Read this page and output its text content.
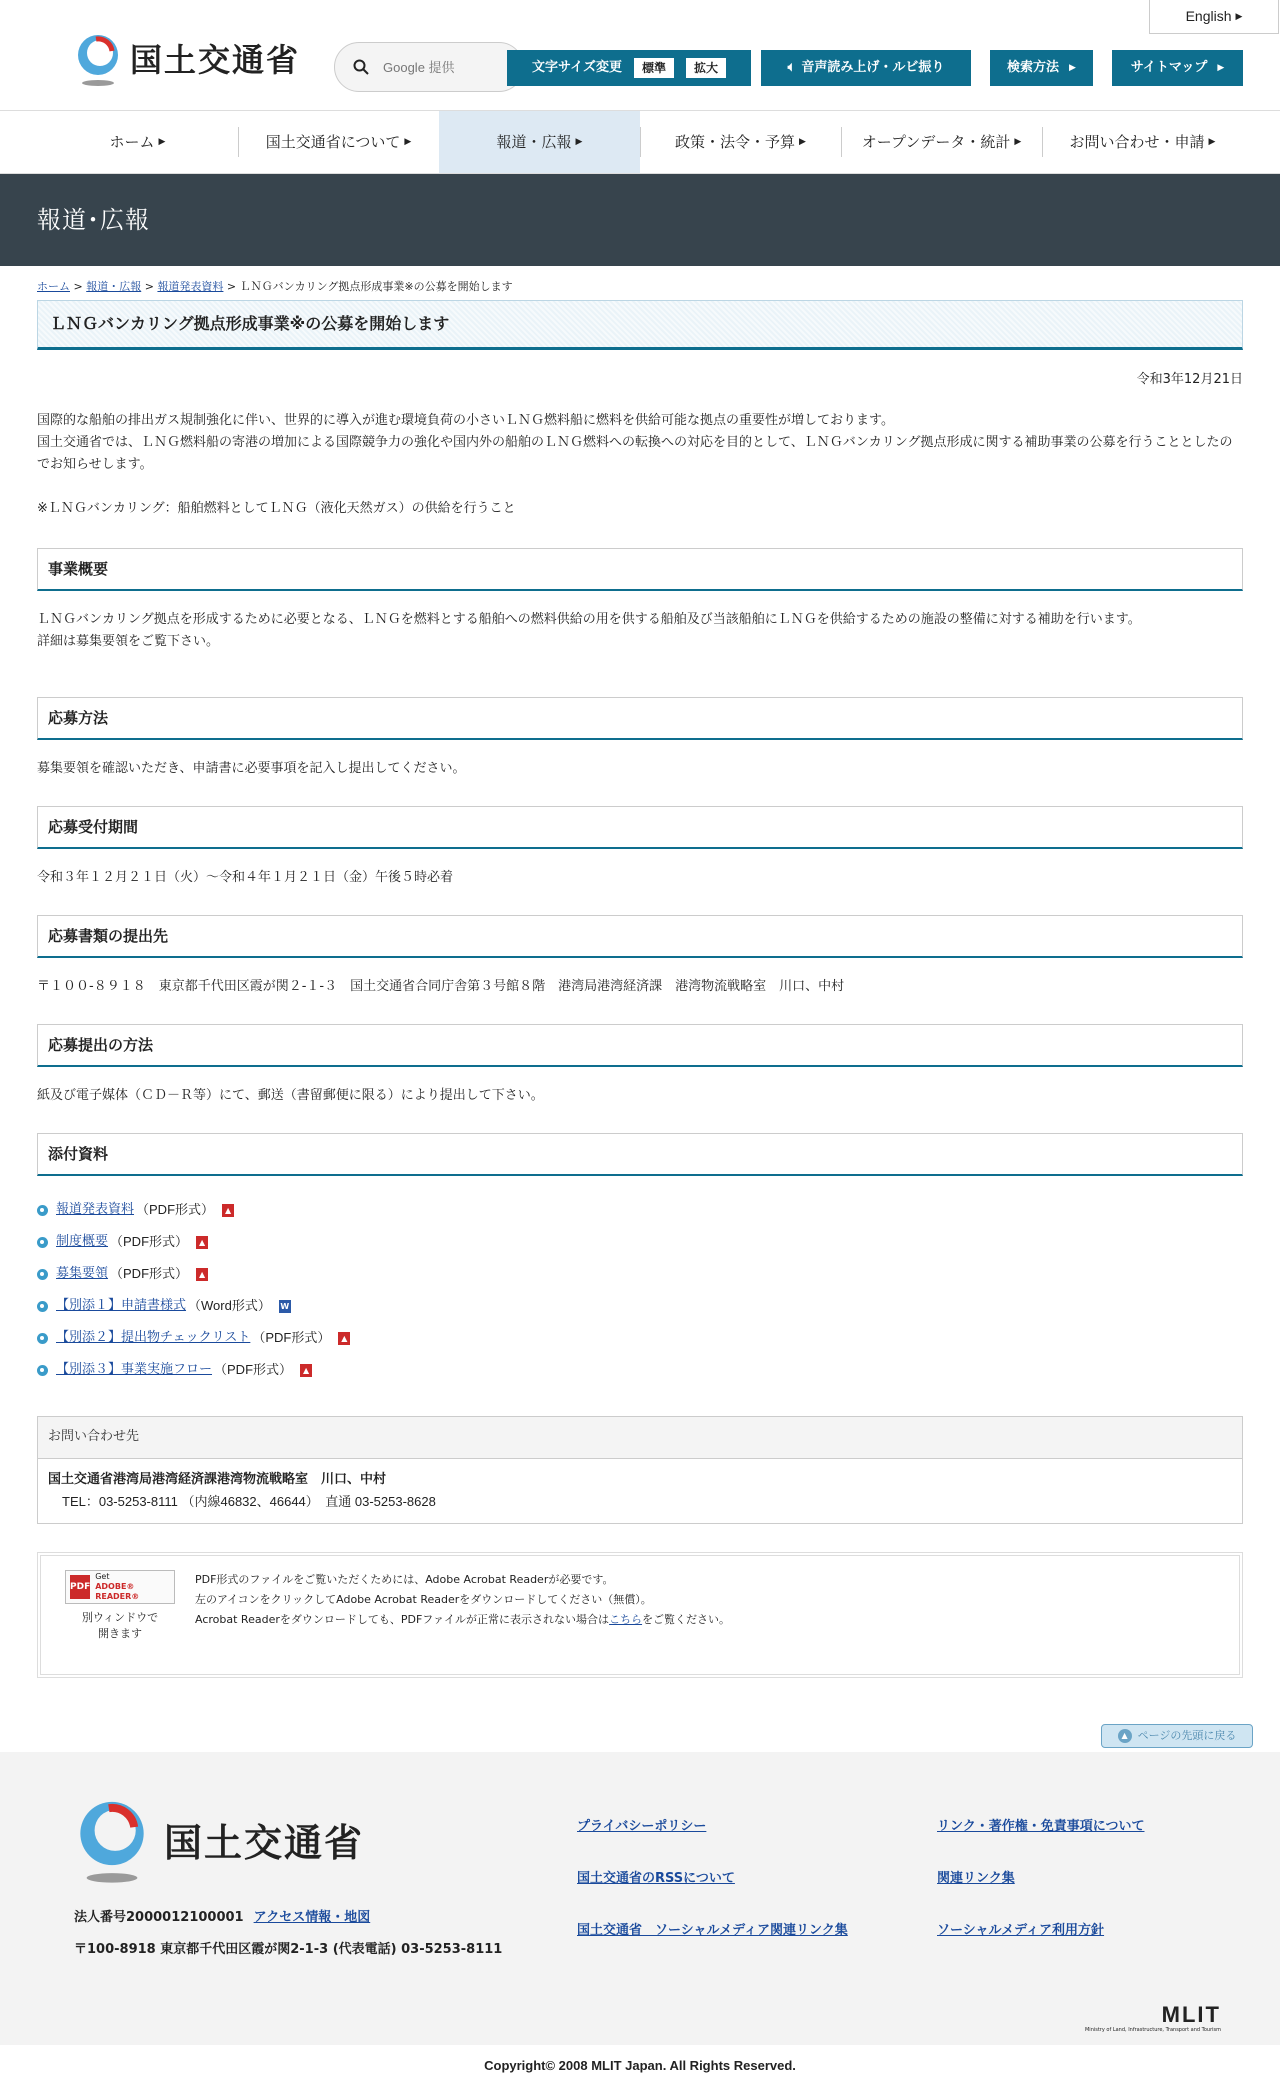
国土交通省
Google 提供
English ▶
文字サイズ変更	標準	拡大	🔈︎ 音声読み上げ・ルビ振り	検索方法 ▶	サイトマップ ▶
ホーム ▶	国土交通省について ▶	報道・広報 ▶	政策・法令・予算 ▶	オープンデータ・統計 ▶	お問い合わせ・申請 ▶
報道･広報
ホーム > 報道・広報 > 報道発表資料 > ＬＮＧバンカリング拠点形成事業※の公募を開始します
ＬＮＧバンカリング拠点形成事業※の公募を開始します

令和3年12月21日

国際的な船舶の排出ガス規制強化に伴い、世界的に導入が進む環境負荷の小さいＬＮＧ燃料船に燃料を供給可能な拠点の重要性が増しております。

国土交通省では、ＬＮＧ燃料船の寄港の増加による国際競争力の強化や国内外の船舶のＬＮＧ燃料への転換への対応を目的として、ＬＮＧバンカリング拠点形成に関する補助事業の公募を行うこととしたのでお知らせします。

※ＬＮＧバンカリング：船舶燃料としてＬＮＧ（液化天然ガス）の供給を行うこと

事業概要

ＬＮＧバンカリング拠点を形成するために必要となる、ＬＮＧを燃料とする船舶への燃料供給の用を供する船舶及び当該船舶にＬＮＧを供給するための施設の整備に対する補助を行います。

詳細は募集要領をご覧下さい。

応募方法

募集要領を確認いただき、申請書に必要事項を記入し提出してください。

応募受付期間

令和３年１２月２１日（火）～令和４年１月２１日（金）午後５時必着

応募書類の提出先

〒１００-８９１８　東京都千代田区霞が関２-１-３　国土交通省合同庁舎第３号館８階　港湾局港湾経済課　港湾物流戦略室　川口、中村

応募提出の方法

紙及び電子媒体（ＣＤ－Ｒ等）にて、郵送（書留郵便に限る）により提出して下さい。

添付資料
報道発表資料 （PDF形式）	▲
制度概要 （PDF形式）	▲
募集要領 （PDF形式）	▲
【別添１】申請書様式 （Word形式） W
【別添２】提出物チェックリスト （PDF形式）	▲
【別添３】事業実施フロー （PDF形式）	▲
お問い合わせ先

国土交通省港湾局港湾経済課港湾物流戦略室　川口、中村

TEL：03-5253-8111 （内線46832、46644）　直通 03-5253-8628

PDF
Get
ADOBE® READER®
別ウィンドウで
開きます

PDF形式のファイルをご覧いただくためには、Adobe Acrobat Readerが必要です。

左のアイコンをクリックしてAdobe Acrobat Readerをダウンロードしてください（無償）。

Acrobat Readerをダウンロードしても、PDFファイルが正常に表示されない場合はこちらをご覧ください。

▲ ページの先頭に戻る
国土交通省

法人番号2000012100001 アクセス情報・地図

〒100-8918 東京都千代田区霞が関2-1-3 (代表電話) 03-5253-8111

プライバシーポリシー	リンク・著作権・免責事項について
国土交通省のRSSについて	関連リンク集
国土交通省　ソーシャルメディア関連リンク集	ソーシャルメディア利用方針
MLIT
Ministry of Land, Infrastructure, Transport and Tourism
Copyright© 2008 MLIT Japan. All Rights Reserved.
